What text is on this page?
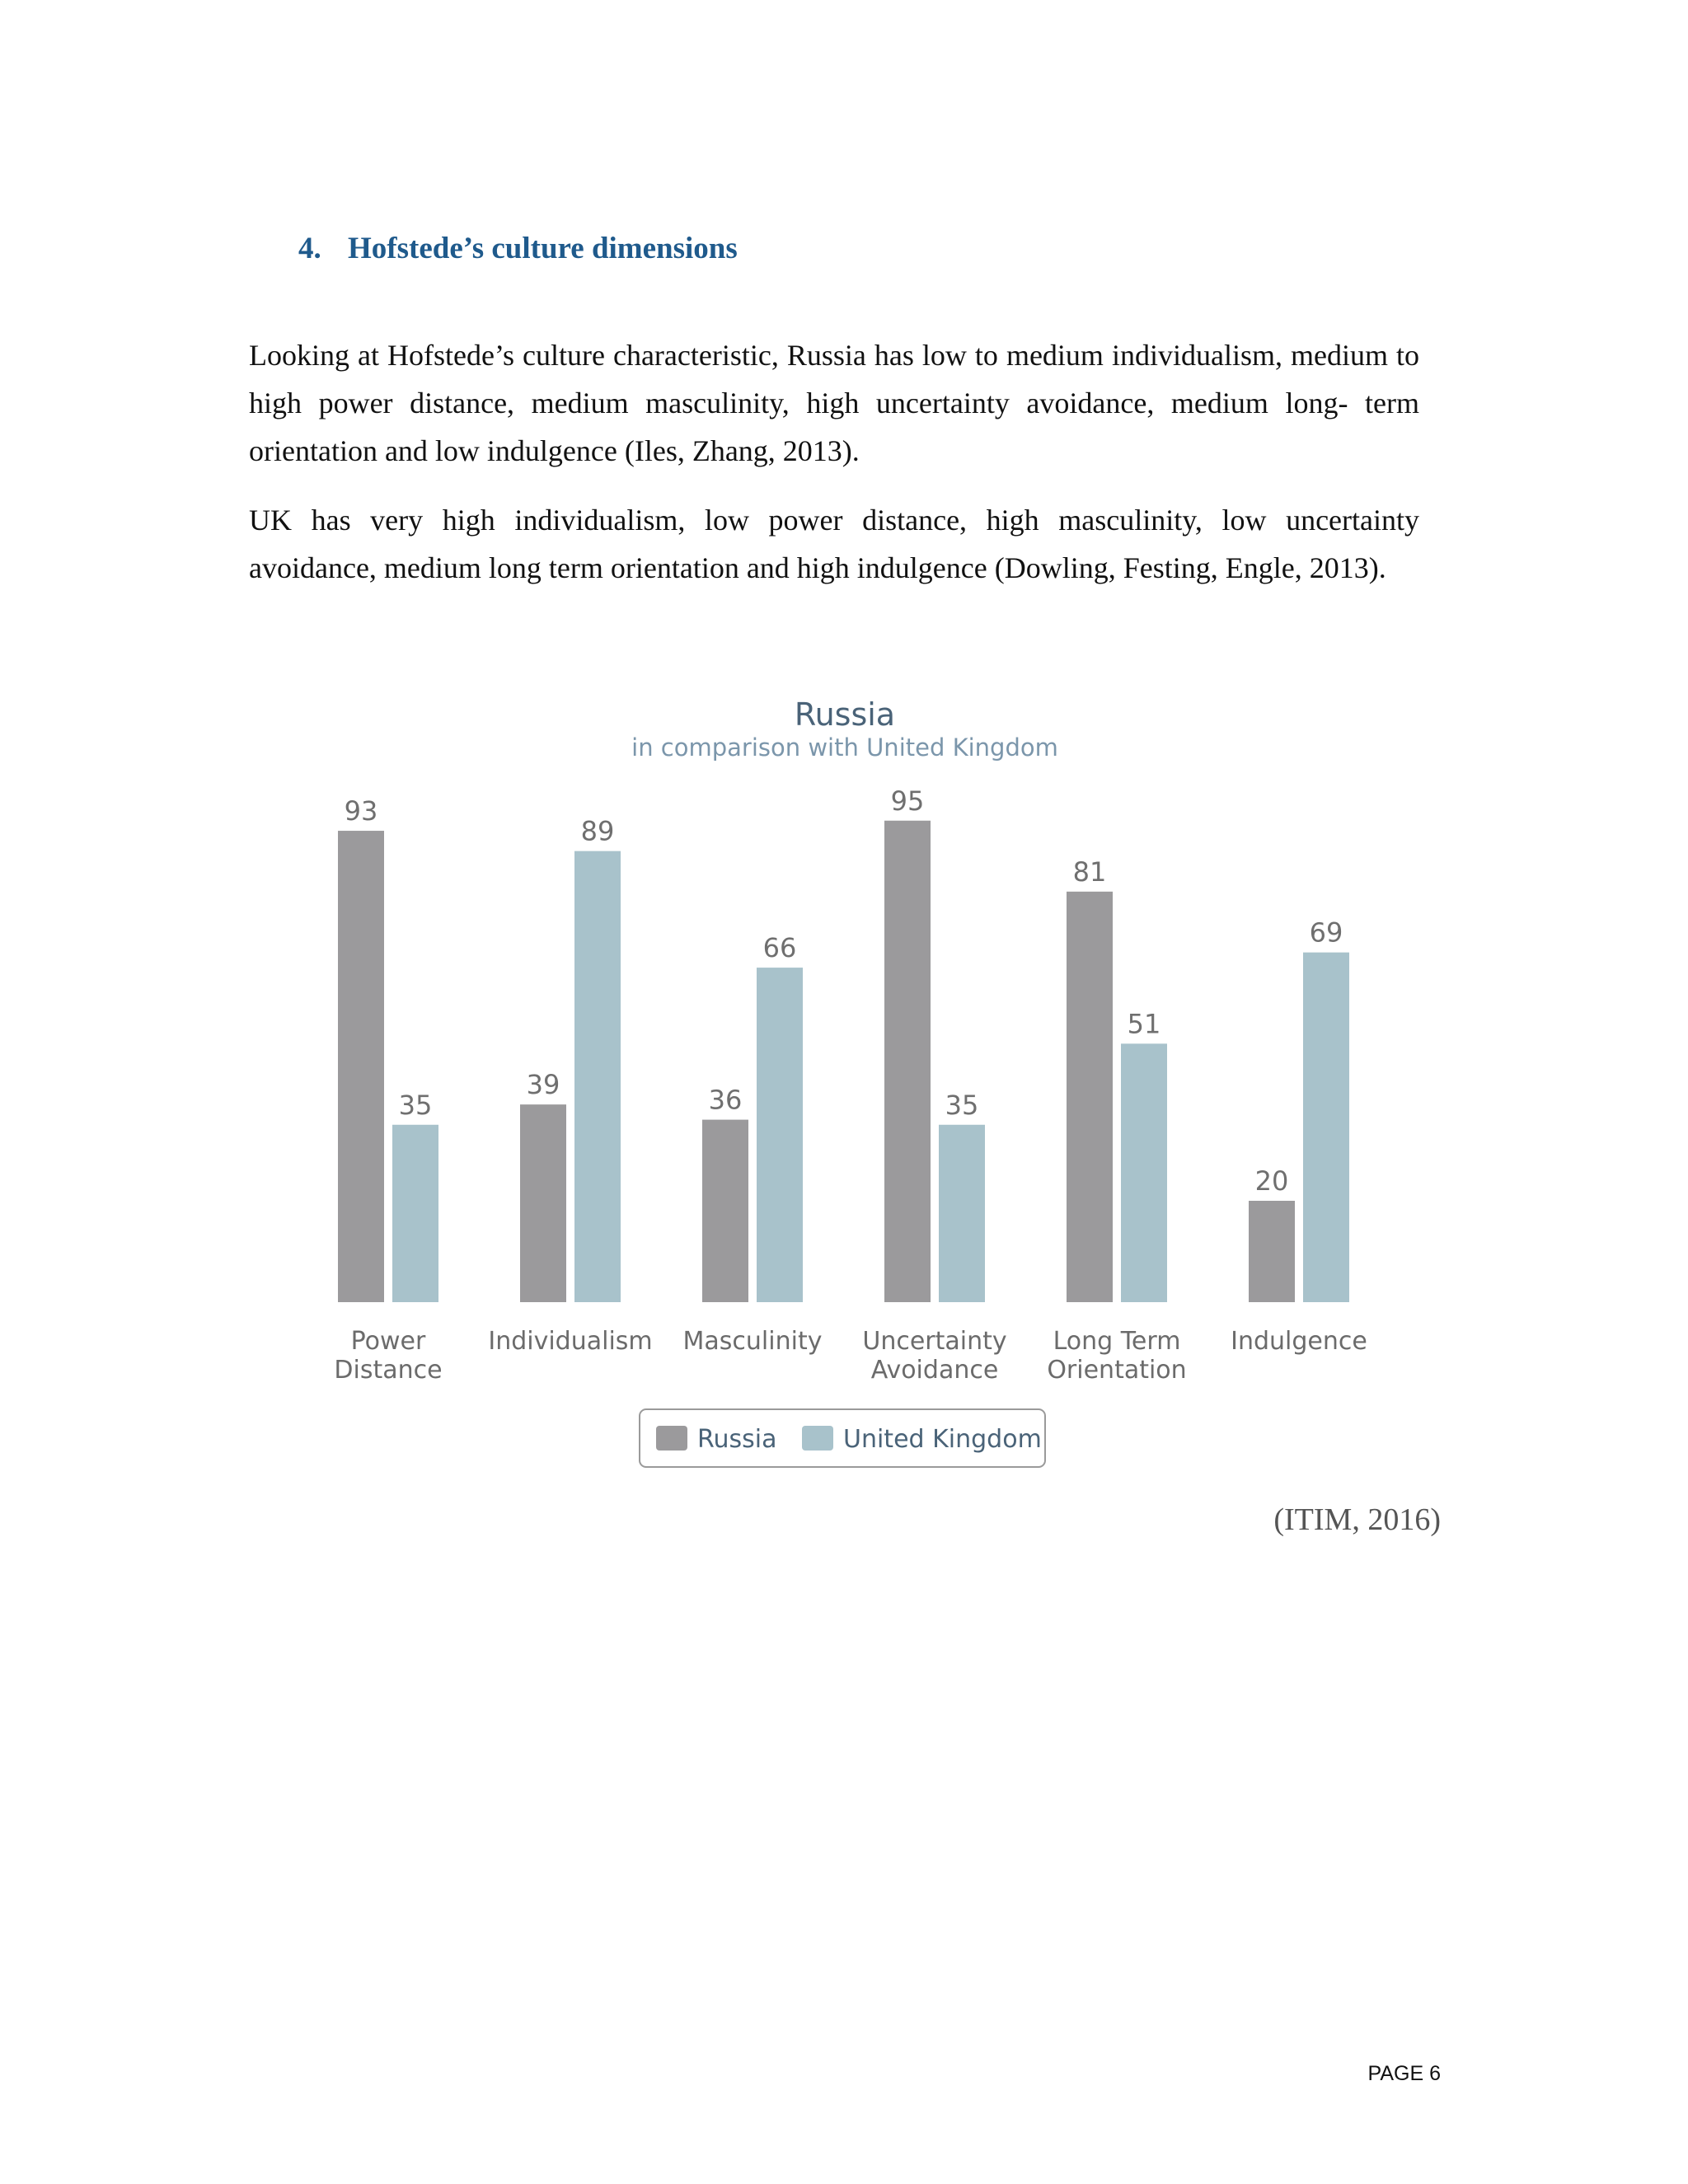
4. Hofstede’s culture dimensions

Looking at Hofstede’s culture characteristic, Russia has low to medium individualism, medium to high power distance, medium masculinity, high uncertainty avoidance, medium long- term orientation and low indulgence (Iles, Zhang, 2013).

UK has very high individualism, low power distance, high masculinity, low uncertainty avoidance, medium long term orientation and high indulgence (Dowling, Festing, Engle, 2013).

Russia
in comparison with United Kingdom
93
35
Power
Distance
39
89
Individualism
36
66
Masculinity
95
35
Uncertainty
Avoidance
81
51
Long Term
Orientation
20
69
Indulgence
Russia	United Kingdom
(ITIM, 2016)
PAGE 6
